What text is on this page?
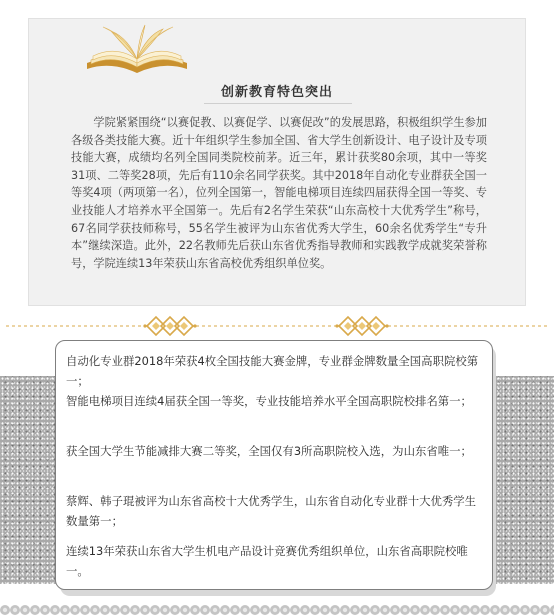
创新教育特色突出

学院紧紧围绕“以赛促教、以赛促学、以赛促改”的发展思路，积极组织学生参加各级各类技能大赛。近十年组织学生参加全国、省大学生创新设计、电子设计及专项技能大赛，成绩均名列全国同类院校前茅。近三年，累计获奖80余项，其中一等奖31项、二等奖28项，先后有110余名同学获奖。其中2018年自动化专业群获全国一等奖4项（两项第一名），位列全国第一，智能电梯项目连续四届获得全国一等奖、专业技能人才培养水平全国第一。先后有2名学生荣获“山东高校十大优秀学生”称号，67名同学获技师称号，55名学生被评为山东省优秀大学生，60余名优秀学生“专升本”继续深造。此外，22名教师先后获山东省优秀指导教师和实践教学成就奖荣誉称号，学院连续13年荣获山东省高校优秀组织单位奖。

自动化专业群2018年荣获4枚全国技能大赛金牌，专业群金牌数量全国高职院校第一；
智能电梯项目连续4届获全国一等奖，专业技能培养水平全国高职院校排名第一；
获全国大学生节能减排大赛二等奖，全国仅有3所高职院校入选，为山东省唯一；
蔡辉、韩子琨被评为山东省高校十大优秀学生，山东省自动化专业群十大优秀学生数量第一；
连续13年荣获山东省大学生机电产品设计竞赛优秀组织单位，山东省高职院校唯一。
